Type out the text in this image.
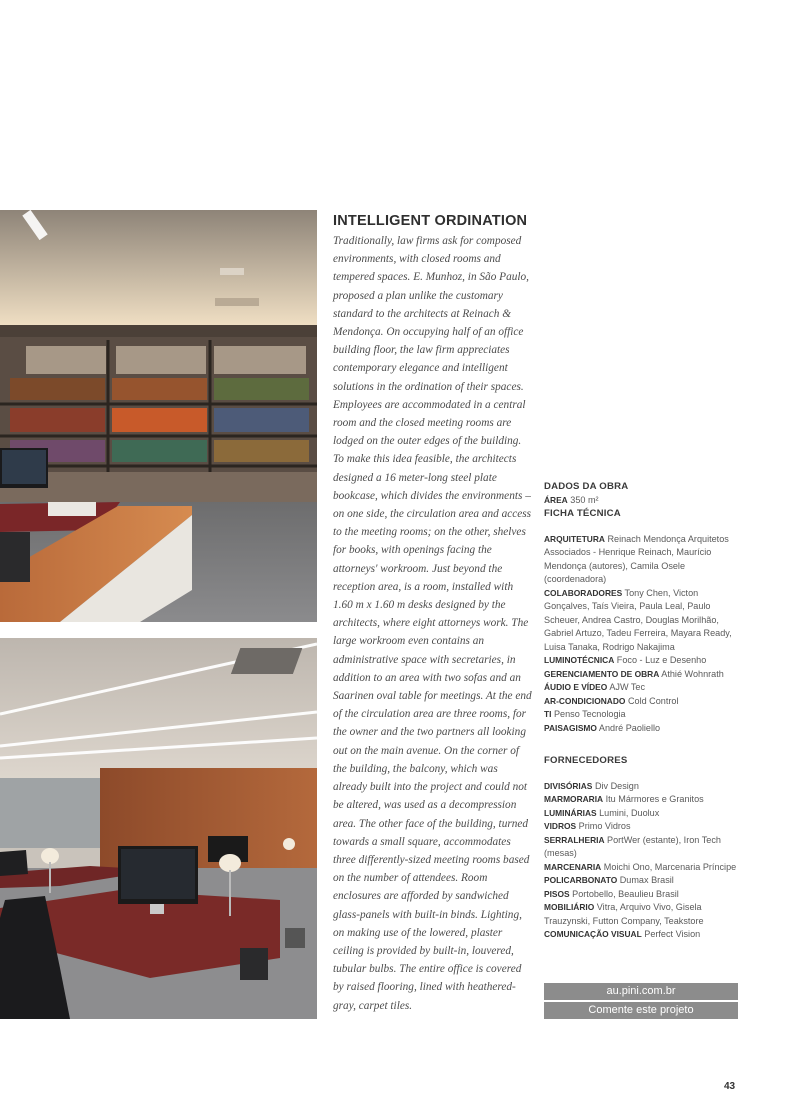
INTELLIGENT ORDINATION

Traditionally, law firms ask for composed environments, with closed rooms and tempered spaces. E. Munhoz, in São Paulo, proposed a plan unlike the customary standard to the architects at Reinach & Mendonça. On occupying half of an office building floor, the law firm appreciates contemporary elegance and intelligent solutions in the ordination of their spaces. Employees are accommodated in a central room and the closed meeting rooms are lodged on the outer edges of the building. To make this idea feasible, the architects designed a 16 meter-long steel plate bookcase, which divides the environments – on one side, the circulation area and access to the meeting rooms; on the other, shelves for books, with openings facing the attorneys' workroom. Just beyond the reception area, is a room, installed with 1.60 m x 1.60 m desks designed by the architects, where eight attorneys work. The large workroom even contains an administrative space with secretaries, in addition to an area with two sofas and an Saarinen oval table for meetings. At the end of the circulation area are three rooms, for the owner and the two partners all looking out on the main avenue. On the corner of the building, the balcony, which was already built into the project and could not be altered, was used as a decompression area. The other face of the building, turned towards a small square, accommodates three differently-sized meeting rooms based on the number of attendees. Room enclosures are afforded by sandwiched glass-panels with built-in binds. Lighting, on making use of the lowered, plaster ceiling is provided by built-in, louvered, tubular bulbs. The entire office is covered by raised flooring, lined with heathered-gray, carpet tiles.

DADOS DA OBRA

ÁREA 350 m²

FICHA TÉCNICA

ARQUITETURA Reinach Mendonça Arquitetos Associados - Henrique Reinach, Maurício Mendonça (autores), Camila Osele (coordenadora)

COLABORADORES Tony Chen, Victon Gonçalves, Taís Vieira, Paula Leal, Paulo Scheuer, Andrea Castro, Douglas Morilhão, Gabriel Artuzo, Tadeu Ferreira, Mayara Ready, Luisa Tanaka, Rodrigo Nakajima

LUMINOTÉCNICA Foco - Luz e Desenho

GERENCIAMENTO DE OBRA Athié Wohnrath

ÁUDIO E VÍDEO AJW Tec

AR-CONDICIONADO Cold Control

TI Penso Tecnologia

PAISAGISMO André Paoliello

FORNECEDORES

DIVISÓRIAS Div Design

MARMORARIA Itu Mármores e Granitos

LUMINÁRIAS Lumini, Duolux

VIDROS Primo Vidros

SERRALHERIA PortWer (estante), Iron Tech (mesas)

MARCENARIA Moichi Ono, Marcenaria Príncipe

POLICARBONATO Dumax Brasil

PISOS Portobello, Beaulieu Brasil

MOBILIÁRIO Vitra, Arquivo Vivo, Gisela Trauzynski, Futton Company, Teakstore

COMUNICAÇÃO VISUAL Perfect Vision

au.pini.com.br
Comente este projeto
43
